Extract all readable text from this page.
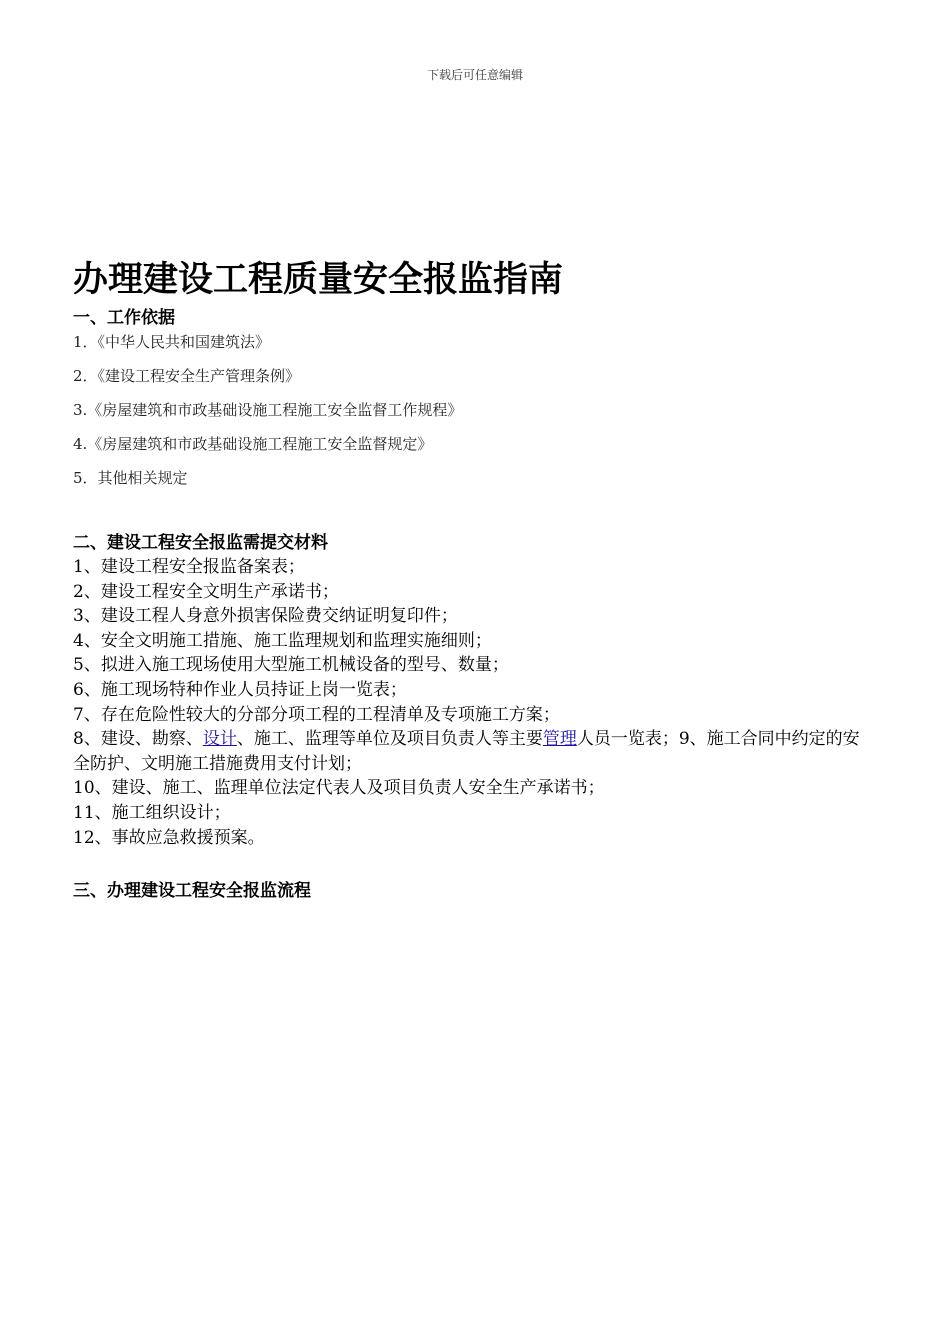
下载后可任意编辑
办理建设工程质量安全报监指南
一、工作依据
1．《中华人民共和国建筑法》
2．《建设工程安全生产管理条例》
3.《房屋建筑和市政基础设施工程施工安全监督工作规程》
4.《房屋建筑和市政基础设施工程施工安全监督规定》
5．其他相关规定
二、建设工程安全报监需提交材料
1、建设工程安全报监备案表；
2、建设工程安全文明生产承诺书；
3、建设工程人身意外损害保险费交纳证明复印件；
4、安全文明施工措施、施工监理规划和监理实施细则；
5、拟进入施工现场使用大型施工机械设备的型号、数量；
6、施工现场特种作业人员持证上岗一览表；
7、存在危险性较大的分部分项工程的工程清单及专项施工方案；
8、建设、勘察、设计、施工、监理等单位及项目负责人等主要管理人员一览表；9、施工合同中约定的安全防护、文明施工措施费用支付计划；
10、建设、施工、监理单位法定代表人及项目负责人安全生产承诺书；
11、施工组织设计；
12、事故应急救援预案。
三、办理建设工程安全报监流程
